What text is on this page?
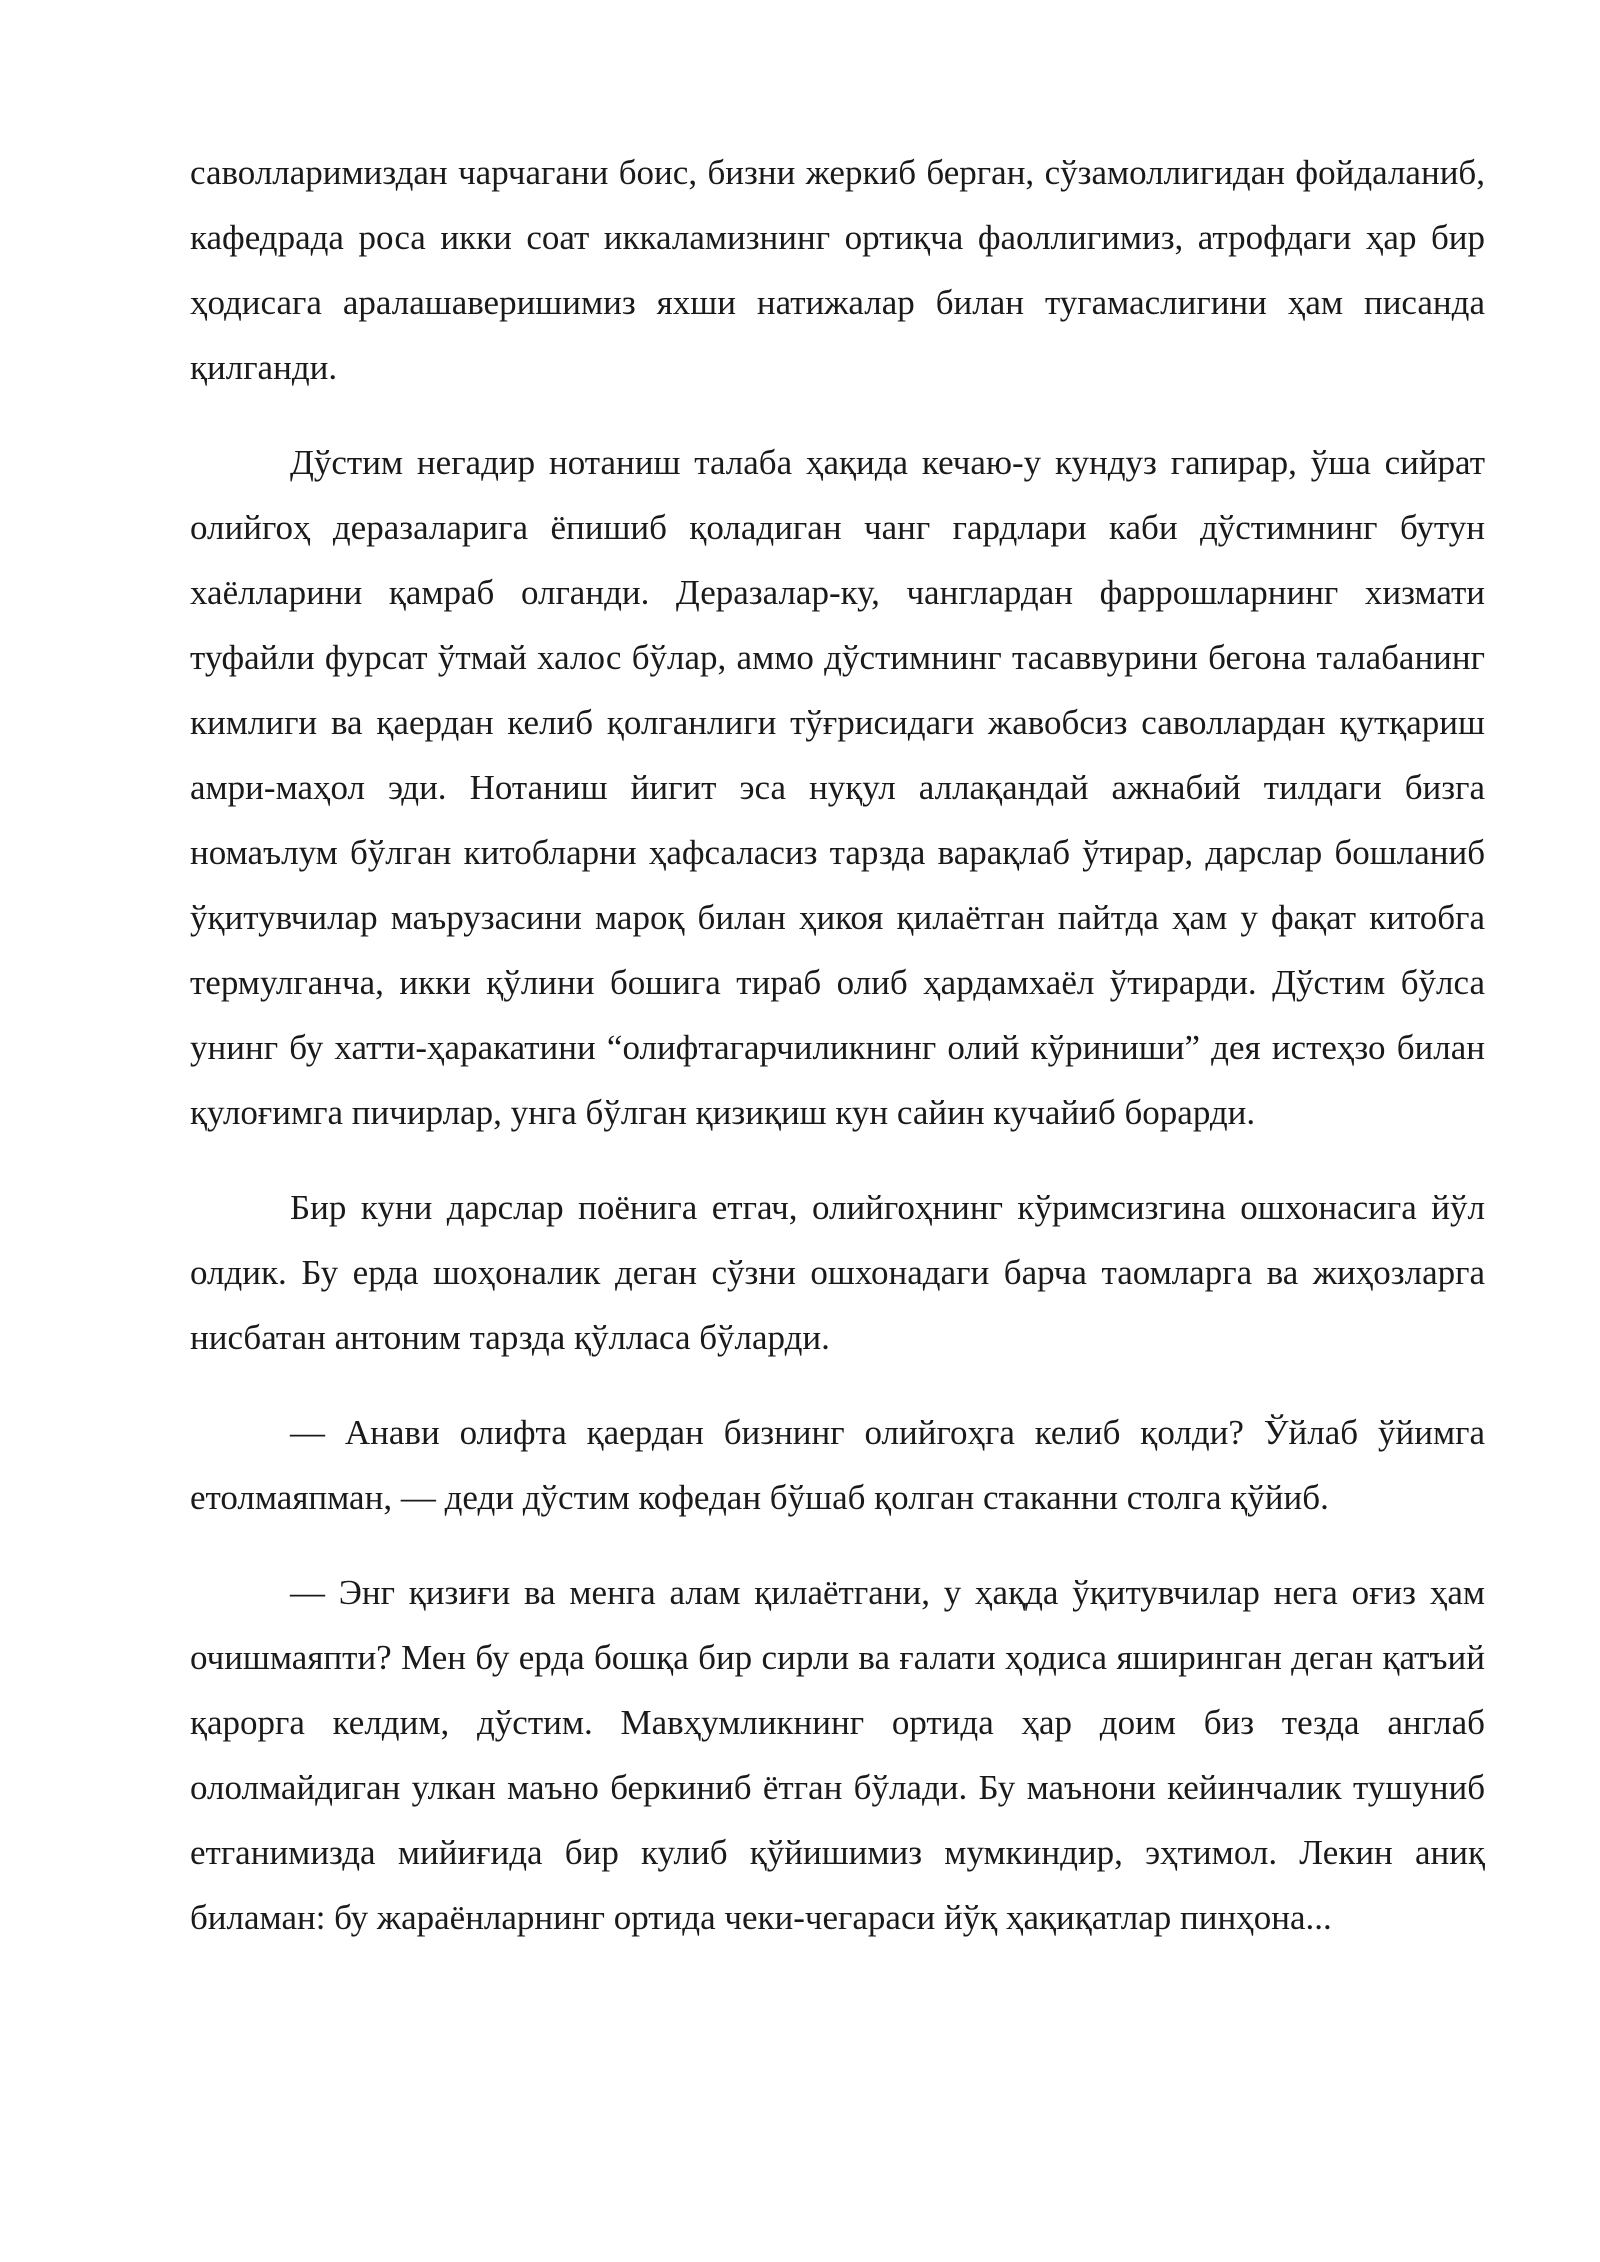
саволларимиздан чарчагани боис, бизни жеркиб берган, сўзамоллигидан фойдаланиб, кафедрада роса икки соат иккаламизнинг ортиқча фаоллигимиз, атрофдаги ҳар бир ҳодисага аралашаверишимиз яхши натижалар билан тугамаслигини ҳам писанда қилганди.

Дўстим негадир нотаниш талаба ҳақида кечаю-у кундуз гапирар, ўша сийрат олийгоҳ деразаларига ёпишиб қоладиган чанг гардлари каби дўстимнинг бутун хаёлларини қамраб олганди. Деразалар-ку, чанглардан фаррошларнинг хизмати туфайли фурсат ўтмай халос бўлар, аммо дўстимнинг тасаввурини бегона талабанинг кимлиги ва қаердан келиб қолганлиги тўғрисидаги жавобсиз саволлардан қутқариш амри-маҳол эди. Нотаниш йигит эса нуқул аллақандай ажнабий тилдаги бизга номаълум бўлган китобларни ҳафсаласиз тарзда варақлаб ўтирар, дарслар бошланиб ўқитувчилар маърузасини мароқ билан ҳикоя қилаётган пайтда ҳам у фақат китобга термулганча, икки қўлини бошига тираб олиб ҳардамхаёл ўтирарди. Дўстим бўлса унинг бу хатти-ҳаракатини “олифтагарчиликнинг олий кўриниши” дея истеҳзо билан қулоғимга пичирлар, унга бўлган қизиқиш кун сайин кучайиб борарди.

Бир куни дарслар поёнига етгач, олийгоҳнинг кўримсизгина ошхонасига йўл олдик. Бу ерда шоҳоналик деган сўзни ошхонадаги барча таомларга ва жиҳозларга нисбатан антоним тарзда қўлласа бўларди.

— Анави олифта қаердан бизнинг олийгоҳга келиб қолди? Ўйлаб ўйимга етолмаяпман, — деди дўстим кофедан бўшаб қолган стаканни столга қўйиб.

— Энг қизиғи ва менга алам қилаётгани, у ҳақда ўқитувчилар нега оғиз ҳам очишмаяпти? Мен бу ерда бошқа бир сирли ва ғалати ҳодиса яширинган деган қатъий қарорга келдим, дўстим. Мавҳумликнинг ортида ҳар доим биз тезда англаб ололмайдиган улкан маъно беркиниб ётган бўлади. Бу маънони кейинчалик тушуниб етганимизда мийиғида бир кулиб қўйишимиз мумкиндир, эҳтимол. Лекин аниқ биламан: бу жараёнларнинг ортида чеки-чегараси йўқ ҳақиқатлар пинҳона...
